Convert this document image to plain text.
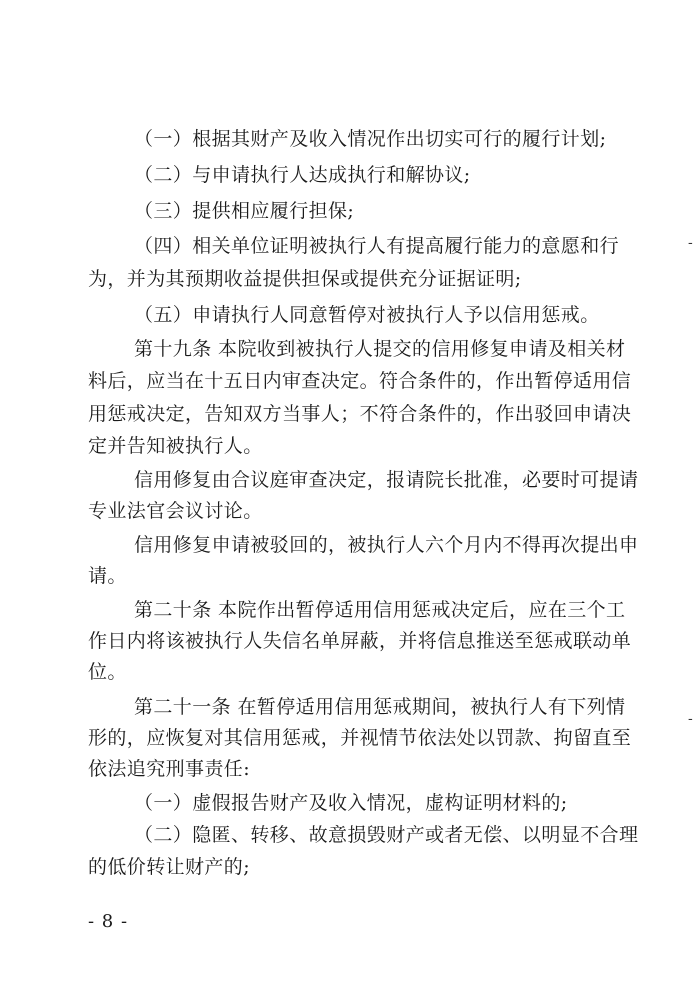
（一）根据其财产及收入情况作出切实可行的履行计划;
（二）与申请执行人达成执行和解协议;
（三）提供相应履行担保;
（四）相关单位证明被执行人有提高履行能力的意愿和行
为，并为其预期收益提供担保或提供充分证据证明;
（五）申请执行人同意暂停对被执行人予以信用惩戒。
第十九条 本院收到被执行人提交的信用修复申请及相关材
料后，应当在十五日内审查决定。符合条件的，作出暂停适用信
用惩戒决定，告知双方当事人；不符合条件的，作出驳回申请决
定并告知被执行人。
信用修复由合议庭审查决定，报请院长批准，必要时可提请
专业法官会议讨论。
信用修复申请被驳回的，被执行人六个月内不得再次提出申
请。
第二十条 本院作出暂停适用信用惩戒决定后，应在三个工
作日内将该被执行人失信名单屏蔽，并将信息推送至惩戒联动单
位。
第二十一条 在暂停适用信用惩戒期间，被执行人有下列情
形的，应恢复对其信用惩戒，并视情节依法处以罚款、拘留直至
依法追究刑事责任:
（一）虚假报告财产及收入情况，虚构证明材料的;
（二）隐匿、转移、故意损毁财产或者无偿、以明显不合理
的低价转让财产的;
- 8 -
-
-
